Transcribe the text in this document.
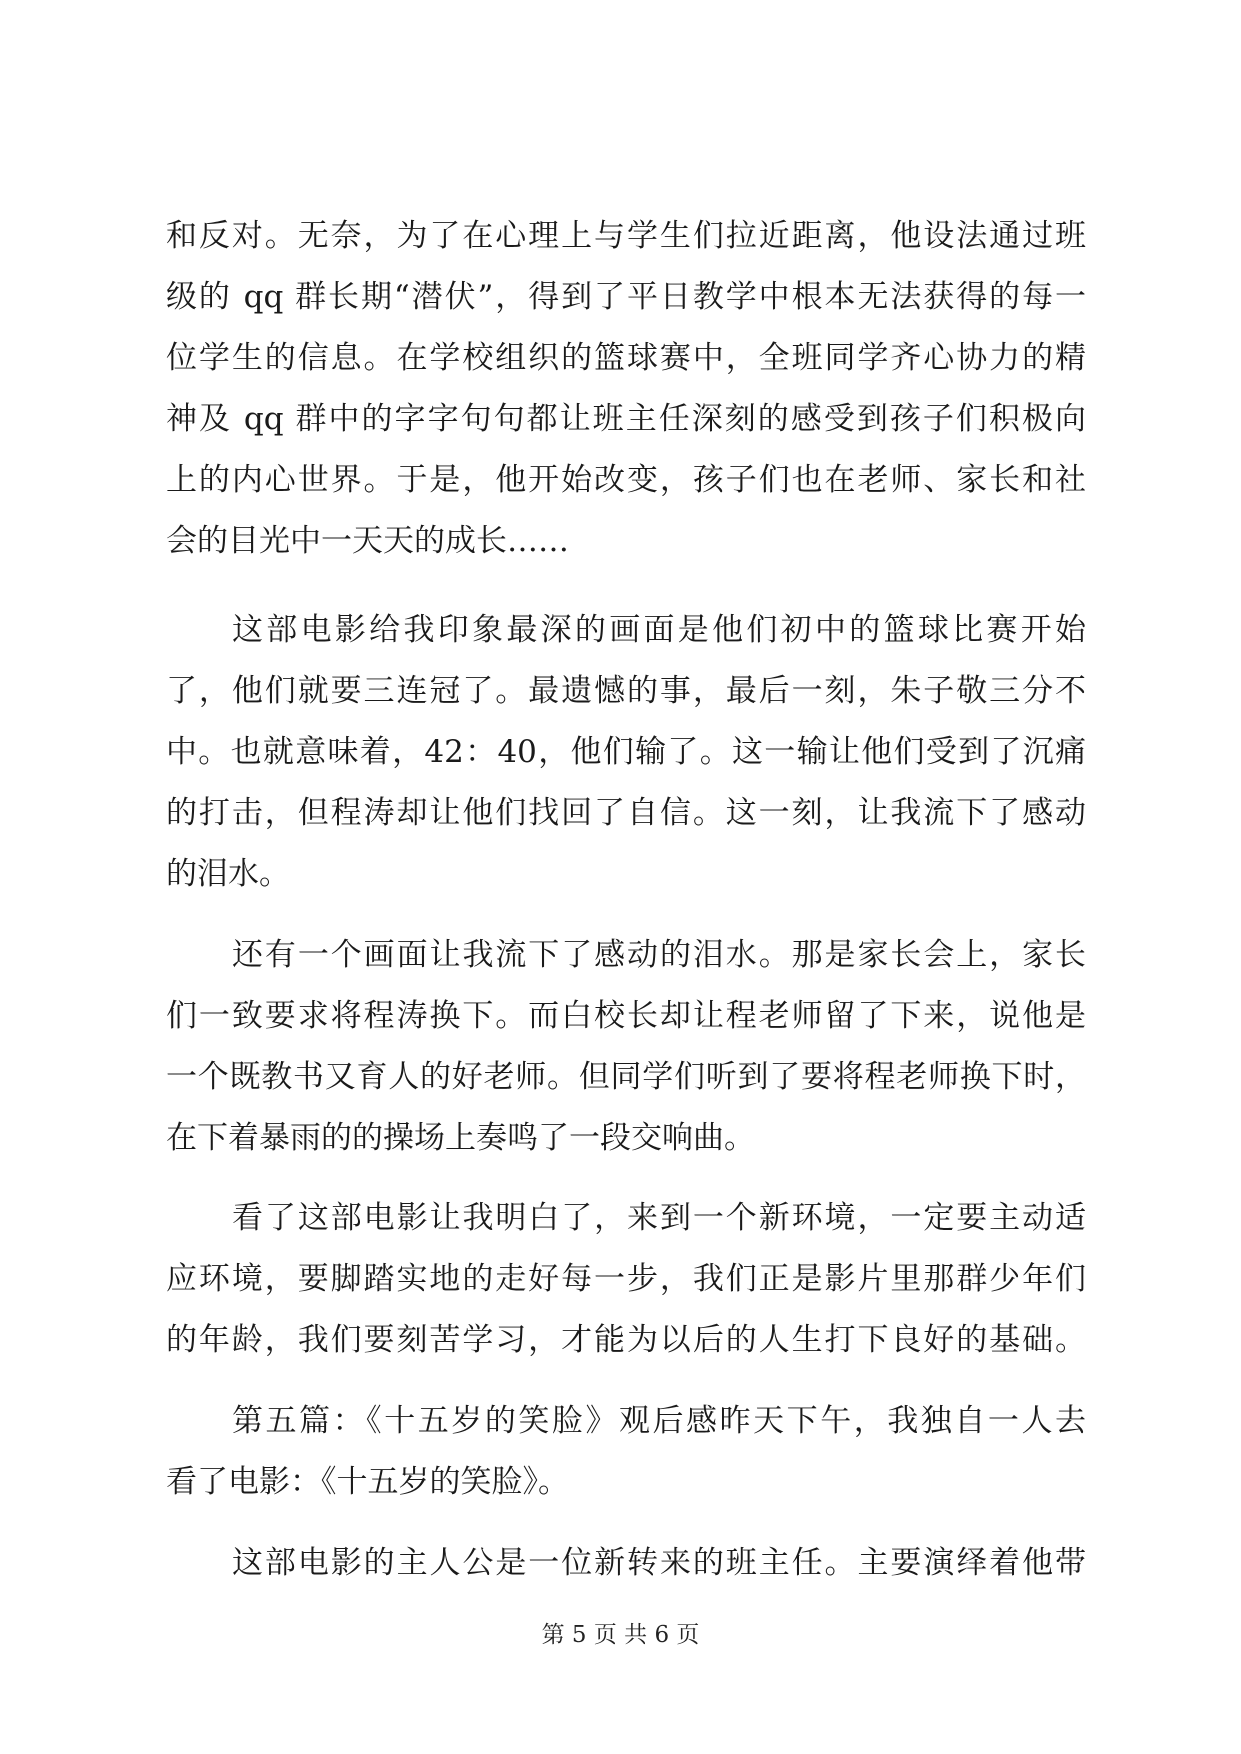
和反对。无奈，为了在心理上与学生们拉近距离，他设法通过班
级的 qq 群长期“潜伏”，得到了平日教学中根本无法获得的每一
位学生的信息。在学校组织的篮球赛中，全班同学齐心协力的精
神及 qq 群中的字字句句都让班主任深刻的感受到孩子们积极向
上的内心世界。于是，他开始改变，孩子们也在老师、家长和社
会的目光中一天天的成长……
这部电影给我印象最深的画面是他们初中的篮球比赛开始
了，他们就要三连冠了。最遗憾的事，最后一刻，朱子敬三分不
中。也就意味着，42：40，他们输了。这一输让他们受到了沉痛
的打击，但程涛却让他们找回了自信。这一刻，让我流下了感动
的泪水。
还有一个画面让我流下了感动的泪水。那是家长会上，家长
们一致要求将程涛换下。而白校长却让程老师留了下来，说他是
一个既教书又育人的好老师。但同学们听到了要将程老师换下时，
在下着暴雨的的操场上奏鸣了一段交响曲。
看了这部电影让我明白了，来到一个新环境，一定要主动适
应环境，要脚踏实地的走好每一步，我们正是影片里那群少年们
的年龄，我们要刻苦学习，才能为以后的人生打下良好的基础。
第五篇：《十五岁的笑脸》观后感昨天下午，我独自一人去
看了电影：《十五岁的笑脸》。
这部电影的主人公是一位新转来的班主任。主要演绎着他带
第 5 页 共 6 页
